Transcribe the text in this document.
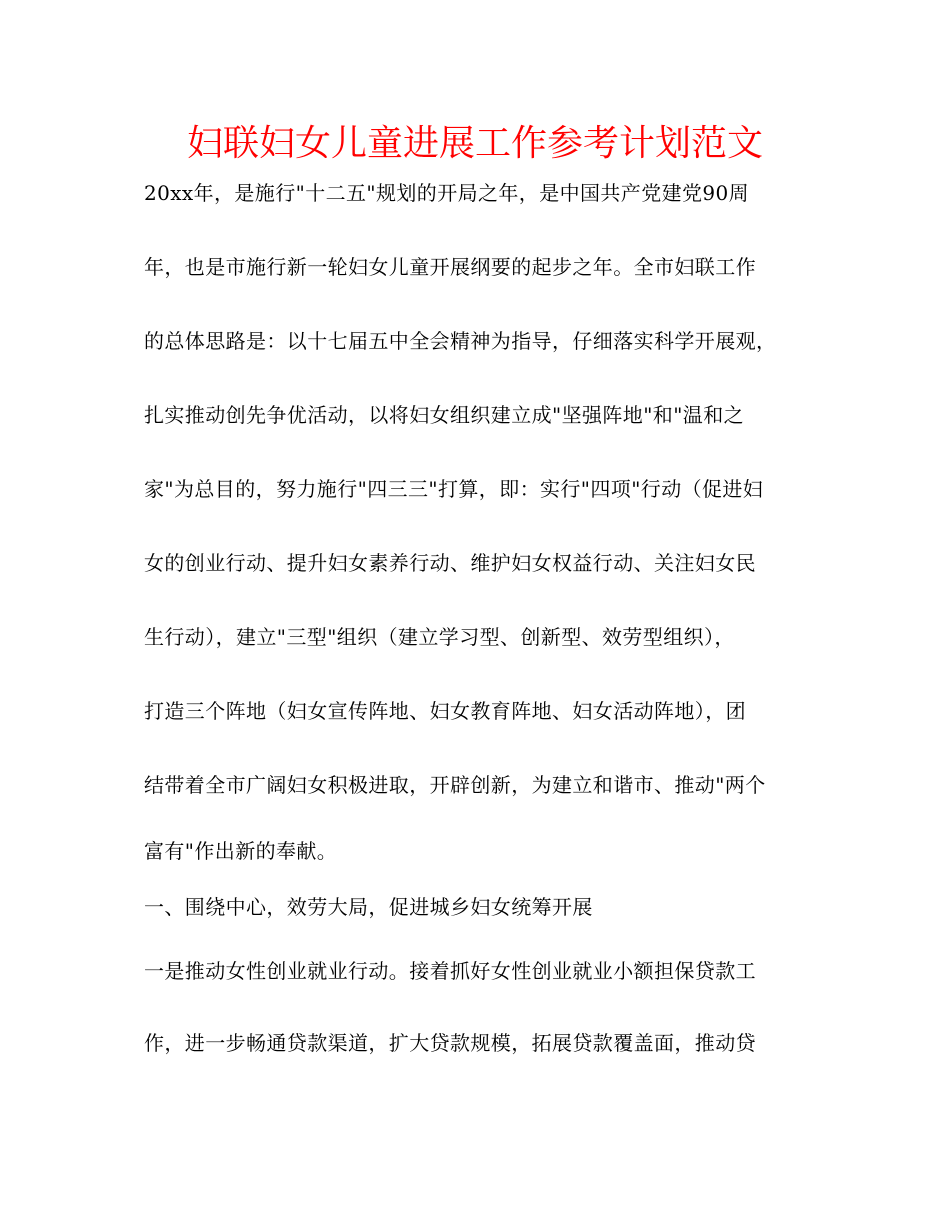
妇联妇女儿童进展工作参考计划范文
20xx年，是施行"十二五"规划的开局之年，是中国共产党建党90周
年，也是市施行新一轮妇女儿童开展纲要的起步之年。全市妇联工作
的总体思路是：以十七届五中全会精神为指导，仔细落实科学开展观，
扎实推动创先争优活动，以将妇女组织建立成"坚强阵地"和"温和之
家"为总目的，努力施行"四三三"打算，即：实行"四项"行动（促进妇
女的创业行动、提升妇女素养行动、维护妇女权益行动、关注妇女民
生行动），建立"三型"组织（建立学习型、创新型、效劳型组织），
打造三个阵地（妇女宣传阵地、妇女教育阵地、妇女活动阵地），团
结带着全市广阔妇女积极进取，开辟创新，为建立和谐市、推动"两个
富有"作出新的奉献。
一、围绕中心，效劳大局，促进城乡妇女统筹开展
一是推动女性创业就业行动。接着抓好女性创业就业小额担保贷款工
作，进一步畅通贷款渠道，扩大贷款规模，拓展贷款覆盖面，推动贷
